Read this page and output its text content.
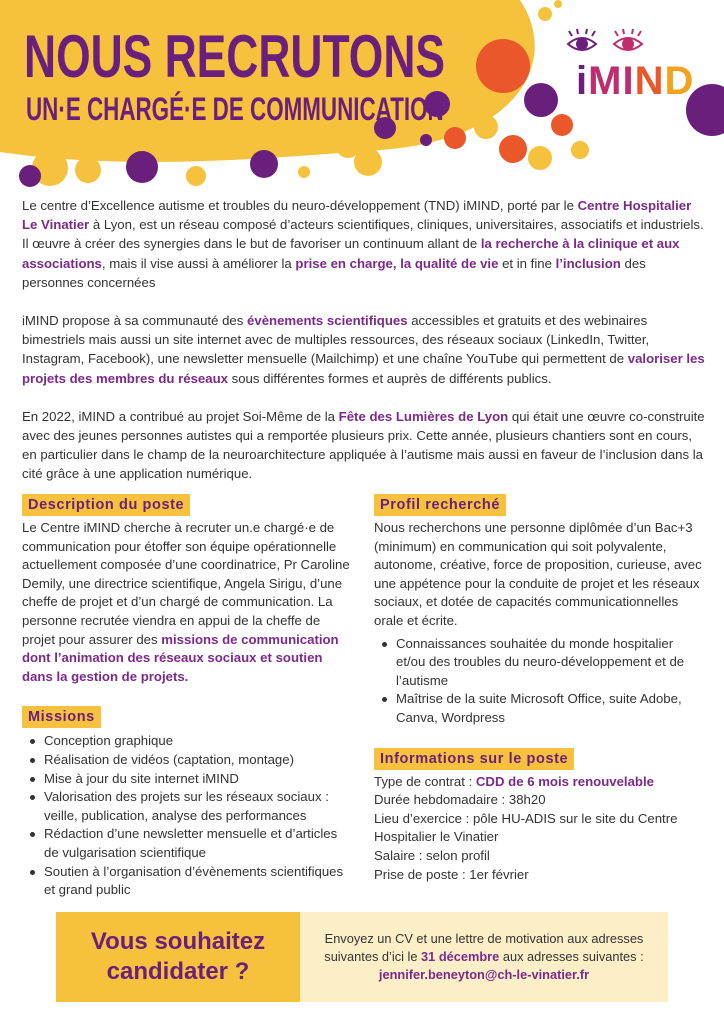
NOUS RECRUTONS
UN·E CHARGÉ·E DE COMMUNICATION
iMIND

Le centre d’Excellence autisme et troubles du neuro-développement (TND) iMIND, porté par le Centre Hospitalier Le Vinatier à Lyon, est un réseau composé d’acteurs scientifiques, cliniques, universitaires, associatifs et industriels. Il œuvre à créer des synergies dans le but de favoriser un continuum allant de la recherche à la clinique et aux associations, mais il vise aussi à améliorer la prise en charge, la qualité de vie et in fine l’inclusion des personnes concernées

iMIND propose à sa communauté des évènements scientifiques accessibles et gratuits et des webinaires bimestriels mais aussi un site internet avec de multiples ressources, des réseaux sociaux (LinkedIn, Twitter, Instagram, Facebook), une newsletter mensuelle (Mailchimp) et une chaîne YouTube qui permettent de valoriser les projets des membres du réseaux sous différentes formes et auprès de différents publics.

En 2022, iMIND a contribué au projet Soi-Même de la Fête des Lumières de Lyon qui était une œuvre co-construite avec des jeunes personnes autistes qui a remportée plusieurs prix. Cette année, plusieurs chantiers sont en cours, en particulier dans le champ de la neuroarchitecture appliquée à l’autisme mais aussi en faveur de l’inclusion dans la cité grâce à une application numérique.

Description du poste

Le Centre iMIND cherche à recruter un.e chargé·e de communication pour étoffer son équipe opérationnelle actuellement composée d’une coordinatrice, Pr Caroline Demily, une directrice scientifique, Angela Sirigu, d’une cheffe de projet et d’un chargé de communication. La personne recrutée viendra en appui de la cheffe de projet pour assurer des missions de communication dont l’animation des réseaux sociaux et soutien dans la gestion de projets.

Missions
Conception graphique
Réalisation de vidéos (captation, montage)
Mise à jour du site internet iMIND
Valorisation des projets sur les réseaux sociaux : veille, publication, analyse des performances
Rédaction d’une newsletter mensuelle et d’articles de vulgarisation scientifique
Soutien à l’organisation d’évènements scientifiques et grand public
Profil recherché

Nous recherchons une personne diplômée d’un Bac+3 (minimum) en communication qui soit polyvalente, autonome, créative, force de proposition, curieuse, avec une appétence pour la conduite de projet et les réseaux sociaux, et dotée de capacités communicationnelles orale et écrite.

Connaissances souhaitée du monde hospitalier et/ou des troubles du neuro-développement et de l’autisme
Maîtrise de la suite Microsoft Office, suite Adobe, Canva, Wordpress
Informations sur le poste

Type de contrat : CDD de 6 mois renouvelable

Durée hebdomadaire : 38h20
Lieu d’exercice : pôle HU-ADIS sur le site du Centre Hospitalier le Vinatier
Salaire : selon profil
Prise de poste : 1er février
Vous souhaitez candidater ?
Envoyez un CV et une lettre de motivation aux adresses suivantes d’ici le 31 décembre aux adresses suivantes :
jennifer.beneyton@ch-le-vinatier.fr
